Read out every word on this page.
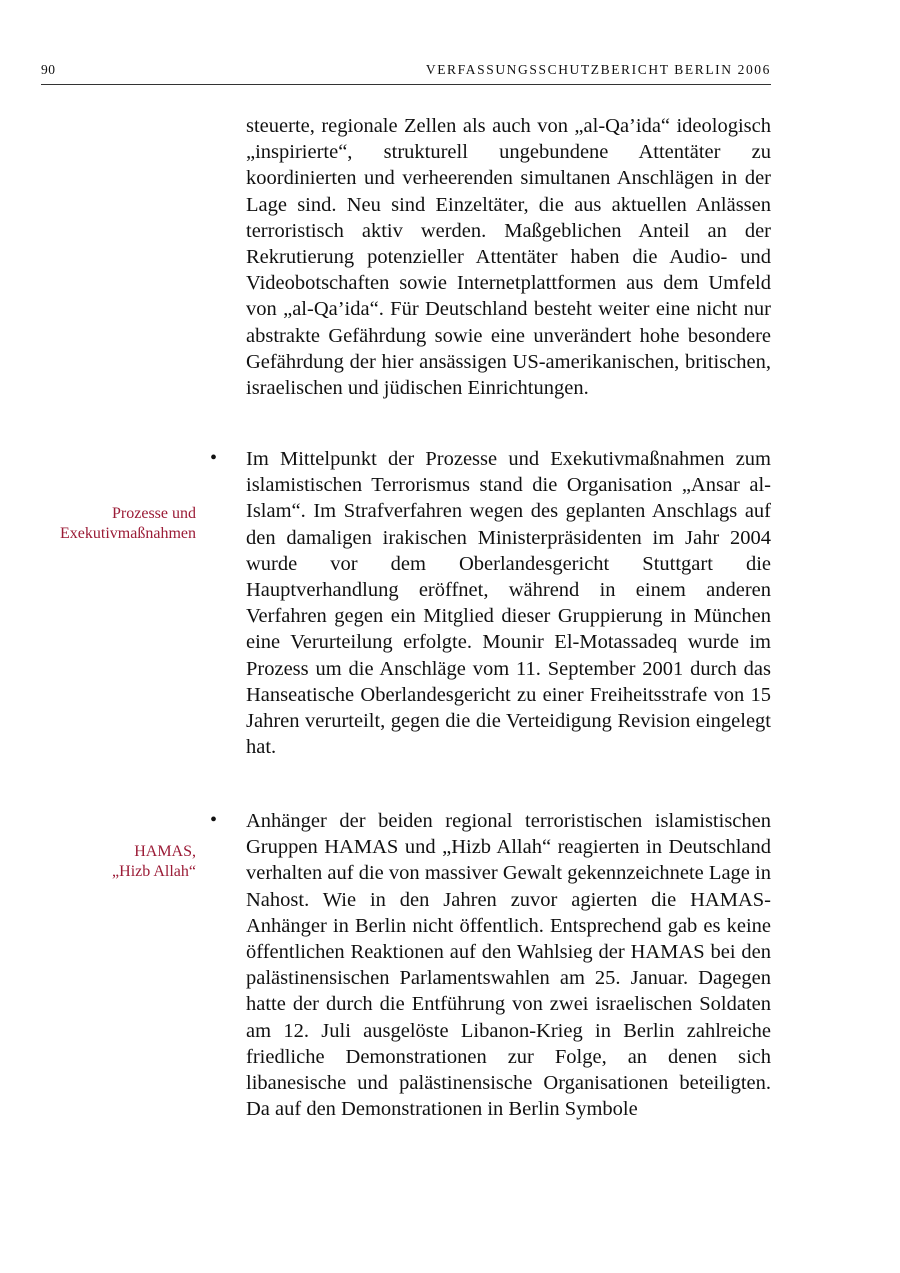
90	VERFASSUNGSSCHUTZBERICHT BERLIN 2006
steuerte, regionale Zellen als auch von „al-Qa’ida“ ideologisch „inspirierte“, strukturell ungebundene Attentäter zu koordinierten und verheerenden simultanen Anschlägen in der Lage sind. Neu sind Einzeltäter, die aus aktuellen Anlässen terroristisch aktiv werden. Maßgeblichen Anteil an der Rekrutierung potenzieller Attentäter haben die Audio- und Videobotschaften sowie Internetplattformen aus dem Umfeld von „al-Qa’ida“. Für Deutschland besteht weiter eine nicht nur abstrakte Gefährdung sowie eine unverändert hohe besondere Gefährdung der hier ansässigen US-amerikanischen, britischen, israelischen und jüdischen Einrichtungen.
• Im Mittelpunkt der Prozesse und Exekutivmaßnahmen zum islamistischen Terrorismus stand die Organisation „Ansar al-Islam“. Im Strafverfahren wegen des geplanten Anschlags auf den damaligen irakischen Ministerpräsidenten im Jahr 2004 wurde vor dem Oberlandesgericht Stuttgart die Hauptverhandlung eröffnet, während in einem anderen Verfahren gegen ein Mitglied dieser Gruppierung in München eine Verurteilung erfolgte. Mounir El-Motassadeq wurde im Prozess um die Anschläge vom 11. September 2001 durch das Hanseatische Oberlandesgericht zu einer Freiheitsstrafe von 15 Jahren verurteilt, gegen die die Verteidigung Revision eingelegt hat.
• Anhänger der beiden regional terroristischen islamistischen Gruppen HAMAS und „Hizb Allah“ reagierten in Deutschland verhalten auf die von massiver Gewalt gekennzeichnete Lage in Nahost. Wie in den Jahren zuvor agierten die HAMAS-Anhänger in Berlin nicht öffentlich. Entsprechend gab es keine öffentlichen Reaktionen auf den Wahlsieg der HAMAS bei den palästinensischen Parlamentswahlen am 25. Januar. Dagegen hatte der durch die Entführung von zwei israelischen Soldaten am 12. Juli ausgelöste Libanon-Krieg in Berlin zahlreiche friedliche Demonstrationen zur Folge, an denen sich libanesische und palästinensische Organisationen beteiligten. Da auf den Demonstrationen in Berlin Symbole
Prozesse und
Exekutivmaßnahmen
HAMAS,
„Hizb Allah“
